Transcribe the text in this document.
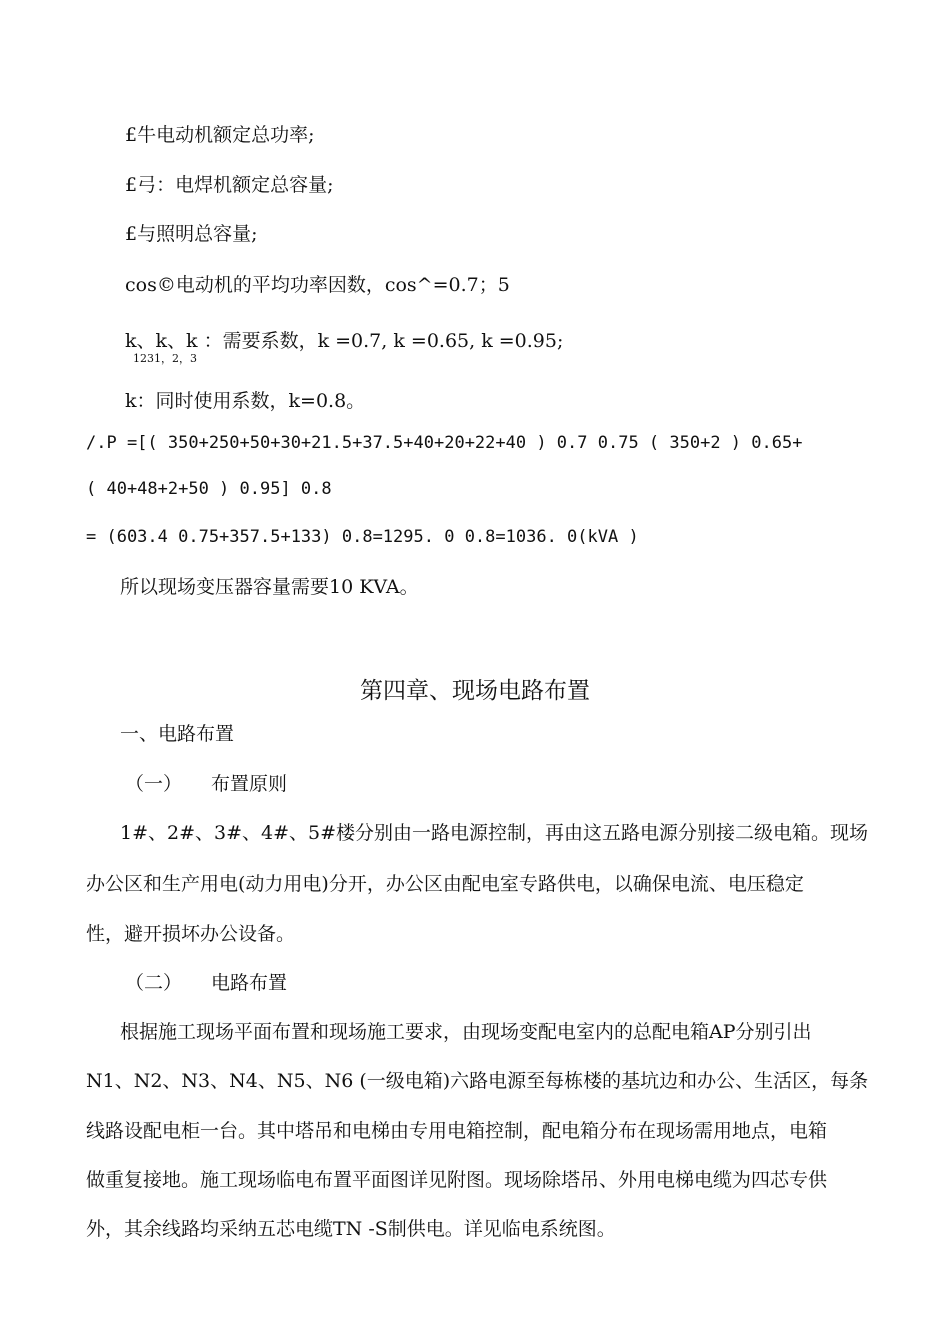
£牛电动机额定总功率;
£弓：电焊机额定总容量;
£与照明总容量;
cos©电动机的平均功率因数，cos^=0.7；5
k、k、k ：需要系数，k =0.7, k =0.65, k =0.95;
1231，2，3
k：同时使用系数，k=0.8。
/.P =[( 350+250+50+30+21.5+37.5+40+20+22+40 ) 0.7 0.75 ( 350+2 ) 0.65+
( 40+48+2+50 ) 0.95] 0.8
= (603.4 0.75+357.5+133) 0.8=1295. 0 0.8=1036. 0(kVA )
所以现场变压器容量需要10 KVA。
第四章、现场电路布置
一、电路布置
（一） 布置原则
1#、2#、3#、4#、5#楼分别由一路电源控制，再由这五路电源分别接二级电箱。现场
办公区和生产用电(动力用电)分开，办公区由配电室专路供电，以确保电流、电压稳定
性，避开损坏办公设备。
（二） 电路布置
根据施工现场平面布置和现场施工要求，由现场变配电室内的总配电箱AP分别引出
N1、N2、N3、N4、N5、N6 (一级电箱)六路电源至每栋楼的基坑边和办公、生活区，每条
线路设配电柜一台。其中塔吊和电梯由专用电箱控制，配电箱分布在现场需用地点，电箱
做重复接地。施工现场临电布置平面图详见附图。现场除塔吊、外用电梯电缆为四芯专供
外，其余线路均采纳五芯电缆TN -S制供电。详见临电系统图。
